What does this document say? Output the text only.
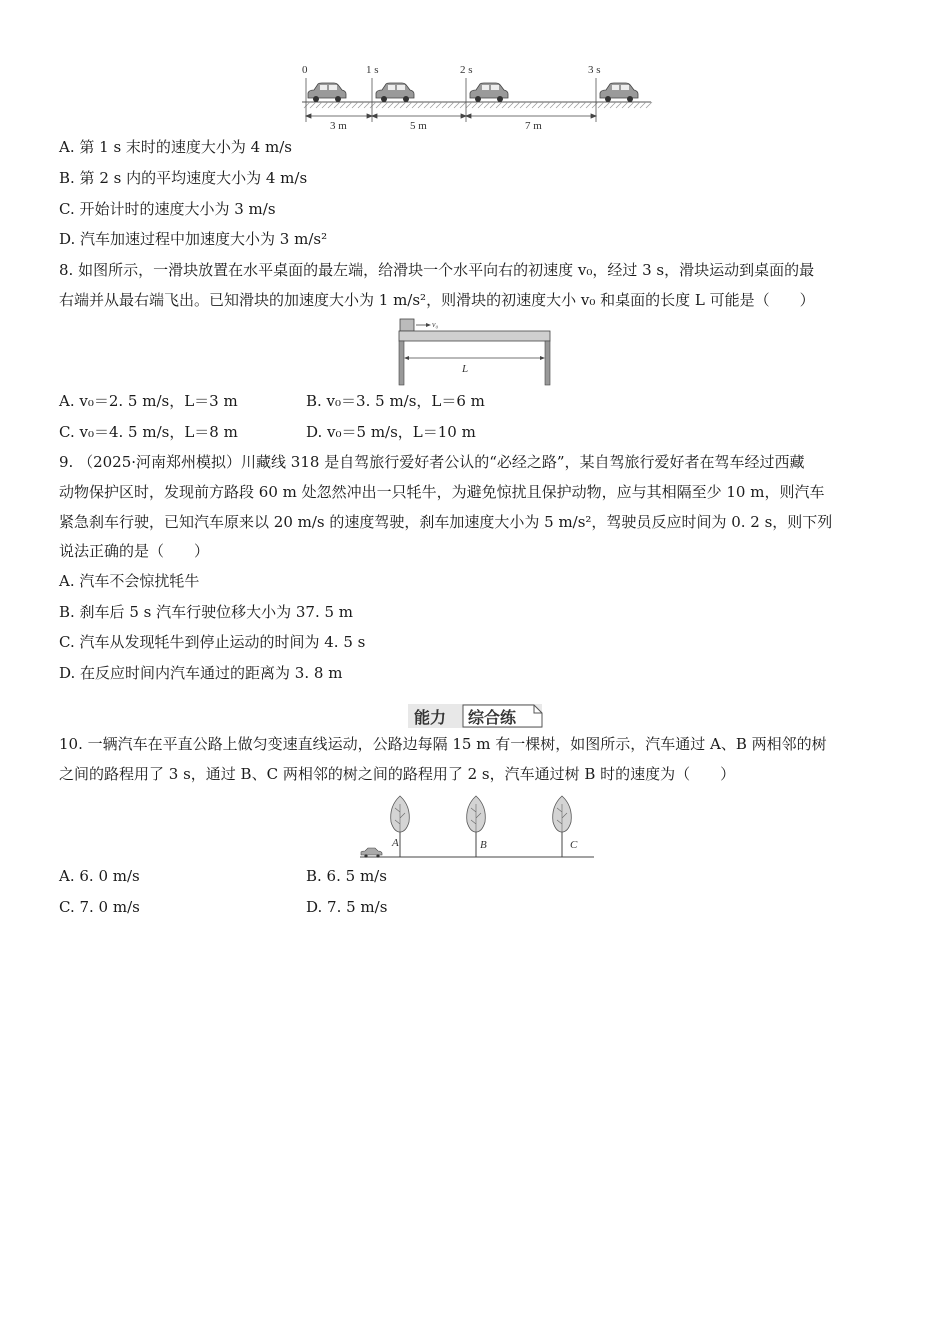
0	1 s	2 s	3 s
3 m	5 m	7 m
A. 第 1 s 末时的速度大小为 4 m/s
B. 第 2 s 内的平均速度大小为 4 m/s
C. 开始计时的速度大小为 3 m/s
D. 汽车加速过程中加速度大小为 3 m/s²
8. 如图所示，一滑块放置在水平桌面的最左端，给滑块一个水平向右的初速度 v₀，经过 3 s，滑块运动到桌面的最
右端并从最右端飞出。已知滑块的加速度大小为 1 m/s²，则滑块的初速度大小 v₀ 和桌面的长度 L 可能是（　　）
v₀
L
A. v₀＝2. 5 m/s，L＝3 m	B. v₀＝3. 5 m/s，L＝6 m
C. v₀＝4. 5 m/s，L＝8 m	D. v₀＝5 m/s，L＝10 m
9. （2025·河南郑州模拟）川藏线 318 是自驾旅行爱好者公认的“必经之路”，某自驾旅行爱好者在驾车经过西藏
动物保护区时，发现前方路段 60 m 处忽然冲出一只牦牛，为避免惊扰且保护动物，应与其相隔至少 10 m，则汽车
紧急刹车行驶，已知汽车原来以 20 m/s 的速度驾驶，刹车加速度大小为 5 m/s²，驾驶员反应时间为 0. 2 s，则下列
说法正确的是（　　）
A. 汽车不会惊扰牦牛
B. 刹车后 5 s 汽车行驶位移大小为 37. 5 m
C. 汽车从发现牦牛到停止运动的时间为 4. 5 s
D. 在反应时间内汽车通过的距离为 3. 8 m
能力 综合练
10. 一辆汽车在平直公路上做匀变速直线运动，公路边每隔 15 m 有一棵树，如图所示，汽车通过 A、B 两相邻的树
之间的路程用了 3 s，通过 B、C 两相邻的树之间的路程用了 2 s，汽车通过树 B 时的速度为（　　）
A	B	C
A. 6. 0 m/s	B. 6. 5 m/s
C. 7. 0 m/s	D. 7. 5 m/s
